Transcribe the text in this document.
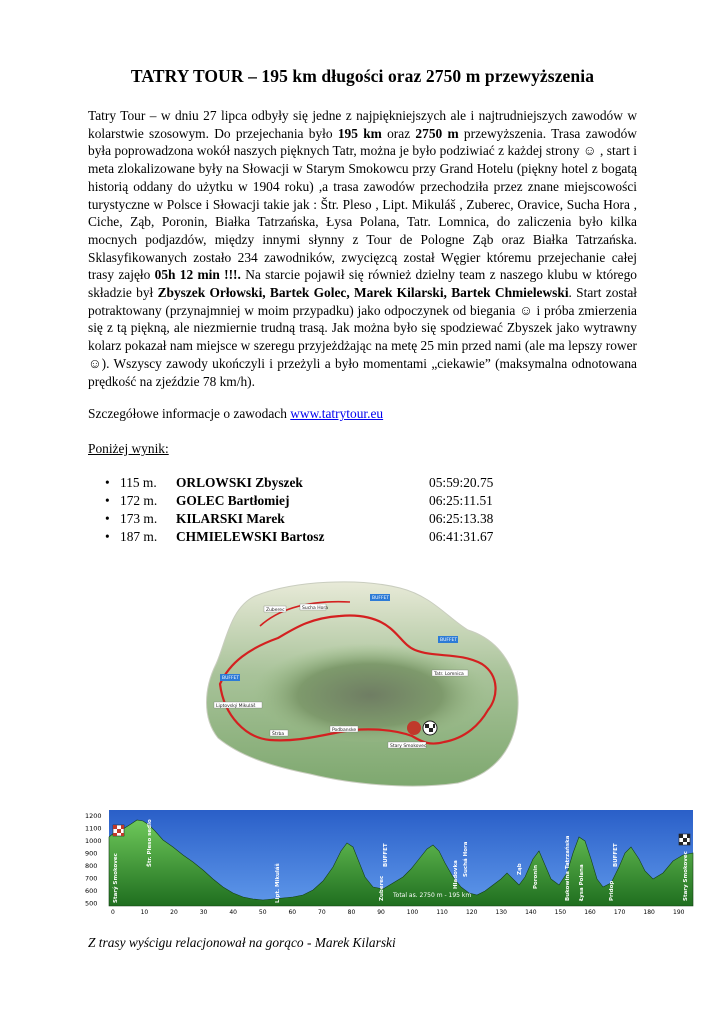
TATRY TOUR – 195 km długości oraz 2750 m przewyższenia

Tatry Tour – w dniu 27 lipca odbyły się jedne z najpiękniejszych ale i najtrudniejszych zawodów w kolarstwie szosowym. Do przejechania było 195 km oraz 2750 m przewyższenia. Trasa zawodów była poprowadzona wokół naszych pięknych Tatr, można je było podziwiać z każdej strony ☺ , start i meta zlokalizowane były na Słowacji w Starym Smokowcu przy Grand Hotelu (piękny hotel z bogatą historią oddany do użytku w 1904 roku) ,a trasa zawodów przechodziła przez znane miejscowości turystyczne w Polsce i Słowacji takie jak : Štr. Pleso , Lipt. Mikuláš , Zuberec, Oravice, Sucha Hora , Ciche, Ząb, Poronin, Białka Tatrzańska, Łysa Polana, Tatr. Lomnica, do zaliczenia było kilka mocnych podjazdów, między innymi słynny z Tour de Pologne Ząb oraz Białka Tatrzańska. Sklasyfikowanych zostało 234 zawodników, zwycięzcą został Węgier któremu przejechanie całej trasy zajęło 05h 12 min !!!. Na starcie pojawił się również dzielny team z naszego klubu w którego składzie był Zbyszek Orłowski, Bartek Golec, Marek Kilarski, Bartek Chmielewski. Start został potraktowany (przynajmniej w moim przypadku) jako odpoczynek od biegania ☺ i próba zmierzenia się z tą piękną, ale niezmiernie trudną trasą. Jak można było się spodziewać Zbyszek jako wytrawny kolarz pokazał nam miejsce w szeregu przyjeżdżając na metę 25 min przed nami (ale ma lepszy rower ☺). Wszyscy zawody ukończyli i przeżyli a było momentami „ciekawie” (maksymalna odnotowana prędkość na zjeździe 78 km/h).

Szczegółowe informacje o zawodach www.tatrytour.eu

Poniżej wynik:

• 115 m. ORLOWSKI Zbyszek	05:59:20.75
• 172 m. GOLEC Bartłomiej	06:25:11.51
• 173 m. KILARSKI Marek	06:25:13.38
• 187 m. CHMIELEWSKI Bartosz	06:41:31.67
BUFFET
BUFFET
BUFFET
Zuberec	Sucha Hora
Podbanske
Štrba
Tatr. Lomnica
Stary Smokovec
Liptovský Mikuláš
1200
1100
1000
900
800
700
600
500
0	10	20	30	40	50	60	70	80	90	100	110	120	130	140	150	160	170	180	190
Starý Smokovec
Štr. Pleso sedlo
Lipt. Mikuláš	Zuberec
BUFFET
Hladovka Suchá Hora	Ząb Poronin	Bukowina Tatrzańska Łysa Polana	Pridop
BUFFET	Stary Smokovec
Total as. 2750 m - 195 km

Z trasy wyścigu relacjonował na gorąco - Marek Kilarski
